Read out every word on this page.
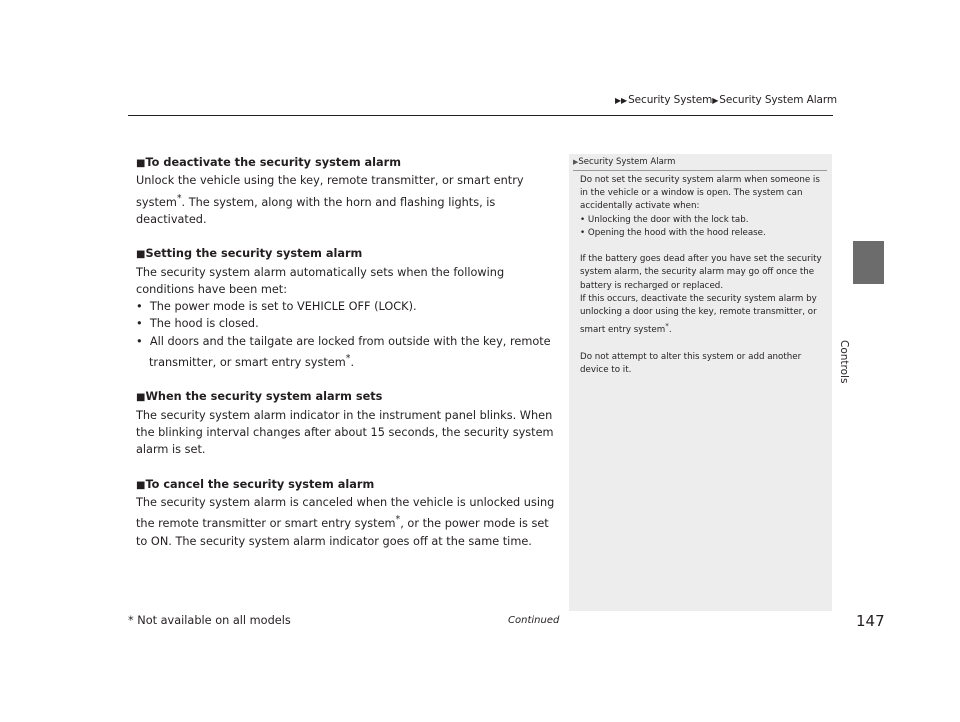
▶▶Security System▶Security System Alarm

■To deactivate the security system alarm

Unlock the vehicle using the key, remote transmitter, or smart entry system*. The system, along with the horn and flashing lights, is deactivated.

■Setting the security system alarm

The security system alarm automatically sets when the following conditions have been met:

•  The power mode is set to VEHICLE OFF (LOCK).

•  The hood is closed.

•  All doors and the tailgate are locked from outside with the key, remote transmitter, or smart entry system*.

■When the security system alarm sets

The security system alarm indicator in the instrument panel blinks. When the blinking interval changes after about 15 seconds, the security system alarm is set.

■To cancel the security system alarm

The security system alarm is canceled when the vehicle is unlocked using the remote transmitter or smart entry system*, or the power mode is set to ON. The security system alarm indicator goes off at the same time.

▶Security System Alarm

Do not set the security system alarm when someone is in the vehicle or a window is open. The system can accidentally activate when:

• Unlocking the door with the lock tab.

• Opening the hood with the hood release.

If the battery goes dead after you have set the security system alarm, the security alarm may go off once the battery is recharged or replaced.

If this occurs, deactivate the security system alarm by unlocking a door using the key, remote transmitter, or smart entry system*.

Do not attempt to alter this system or add another device to it.	Controls
* Not available on all models	Continued	147
